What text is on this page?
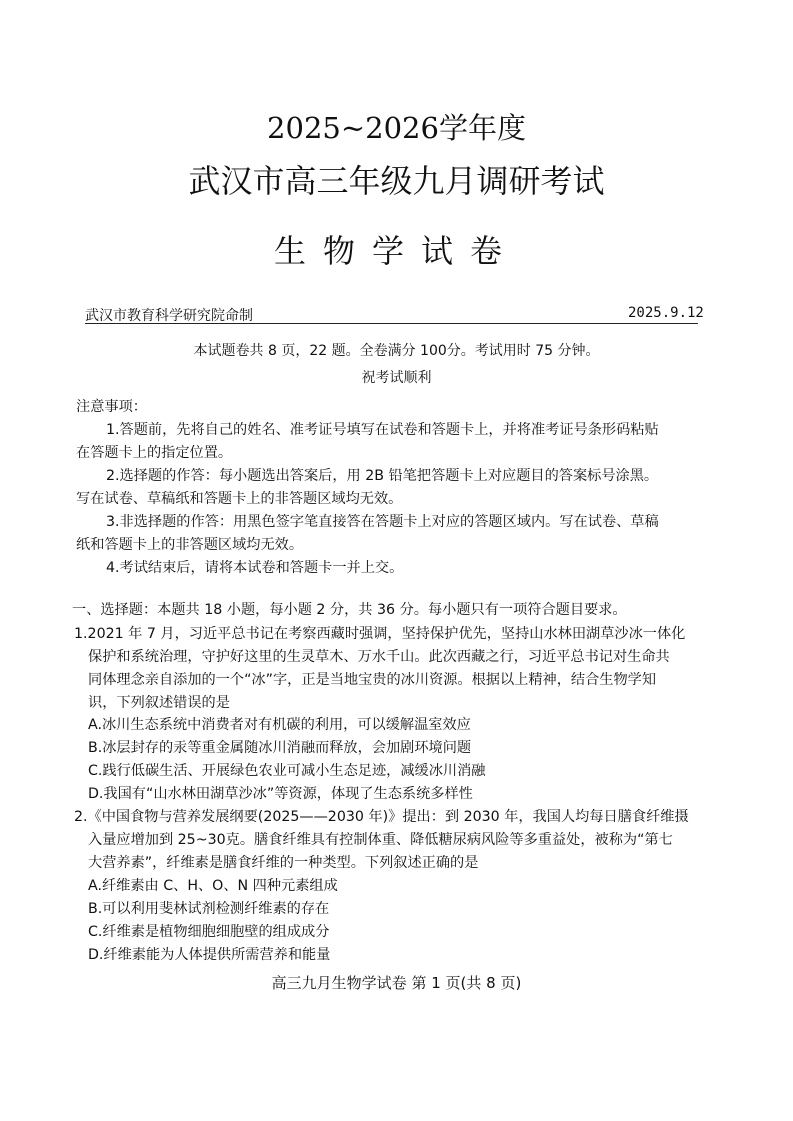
2025~2026学年度
武汉市高三年级九月调研考试
生物学试卷
武汉市教育科学研究院命制	2025.9.12
本试题卷共 8 页，22 题。全卷满分 100分。考试用时 75 分钟。
祝考试顺利
注意事项：
1.答题前，先将自己的姓名、准考证号填写在试卷和答题卡上，并将准考证号条形码粘贴
在答题卡上的指定位置。
2.选择题的作答：每小题选出答案后，用 2B 铅笔把答题卡上对应题目的答案标号涂黑。
写在试卷、草稿纸和答题卡上的非答题区域均无效。
3.非选择题的作答：用黑色签字笔直接答在答题卡上对应的答题区域内。写在试卷、草稿
纸和答题卡上的非答题区域均无效。
4.考试结束后，请将本试卷和答题卡一并上交。
一、选择题：本题共 18 小题，每小题 2 分，共 36 分。每小题只有一项符合题目要求。
1.2021 年 7 月，习近平总书记在考察西藏时强调，坚持保护优先，坚持山水林田湖草沙冰一体化
保护和系统治理，守护好这里的生灵草木、万水千山。此次西藏之行，习近平总书记对生命共
同体理念亲自添加的一个“冰”字，正是当地宝贵的冰川资源。根据以上精神，结合生物学知
识，下列叙述错误的是
A.冰川生态系统中消费者对有机碳的利用，可以缓解温室效应
B.冰层封存的汞等重金属随冰川消融而释放，会加剧环境问题
C.践行低碳生活、开展绿色农业可减小生态足迹，减缓冰川消融
D.我国有“山水林田湖草沙冰”等资源，体现了生态系统多样性
2.《中国食物与营养发展纲要(2025——2030 年)》提出：到 2030 年，我国人均每日膳食纤维摄
入量应增加到 25~30克。膳食纤维具有控制体重、降低糖尿病风险等多重益处，被称为“第七
大营养素”，纤维素是膳食纤维的一种类型。下列叙述正确的是
A.纤维素由 C、H、O、N 四种元素组成
B.可以利用斐林试剂检测纤维素的存在
C.纤维素是植物细胞细胞壁的组成成分
D.纤维素能为人体提供所需营养和能量
高三九月生物学试卷 第 1 页(共 8 页)
